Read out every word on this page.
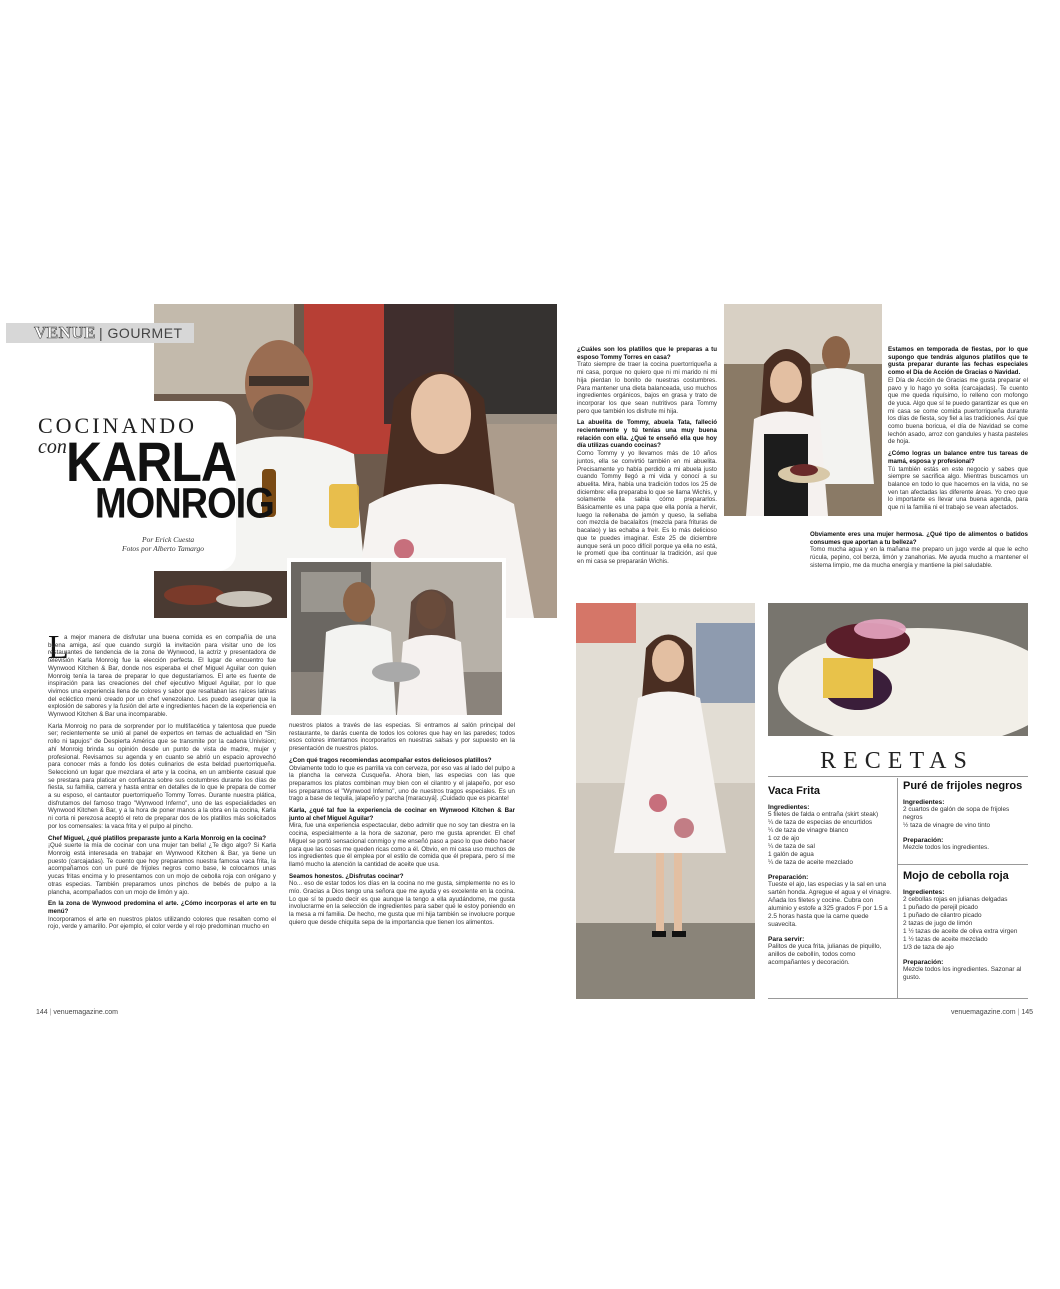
VENUE | GOURMET
COCINANDO
con KARLA
MONROIG
Por Erick Cuesta
Fotos por Alberto Tamargo
L

a mejor manera de disfrutar una buena comida es en compañía de una buena amiga, así que cuando surgió la invitación para visitar uno de los restaurantes de tendencia de la zona de Wynwood, la actriz y presentadora de televisión Karla Monroig fue la elección perfecta. El lugar de encuentro fue Wynwood Kitchen & Bar, donde nos esperaba el chef Miguel Aguilar con quien Monroig tenía la tarea de preparar lo que degustaríamos. El arte es fuente de inspiración para las creaciones del chef ejecutivo Miguel Aguilar, por lo que vivimos una experiencia llena de colores y sabor que resaltaban las raíces latinas del ecléctico menú creado por un chef venezolano. Les puedo asegurar que la explosión de sabores y la fusión del arte e ingredientes hacen de la experiencia en Wynwood Kitchen & Bar una incomparable.

Karla Monroig no para de sorprender por lo multifacética y talentosa que puede ser; recientemente se unió al panel de expertos en temas de actualidad en "Sin rollo ni tapujos" de Despierta América que se transmite por la cadena Univision; ahí Monroig brinda su opinión desde un punto de vista de madre, mujer y profesional. Revisamos su agenda y en cuanto se abrió un espacio aprovechó para conocer más a fondo los dotes culinarios de esta beldad puertorriqueña. Seleccionó un lugar que mezclara el arte y la cocina, en un ambiente casual que se prestara para platicar en confianza sobre sus costumbres durante los días de fiesta, su familia, carrera y hasta entrar en detalles de lo que le prepara de comer a su esposo, el cantautor puertorriqueño Tommy Torres. Durante nuestra plática, disfrutamos del famoso trago "Wynwood Inferno", uno de las especialidades en Wynwood Kitchen & Bar, y a la hora de poner manos a la obra en la cocina, Karla ni corta ni perezosa aceptó el reto de preparar dos de los platillos más solicitados por los comensales: la vaca frita y el pulpo al pincho.

Chef Miguel, ¿qué platillos preparaste junto a Karla Monroig en la cocina?
¡Qué suerte la mía de cocinar con una mujer tan bella! ¿Te digo algo? Si Karla Monroig está interesada en trabajar en Wynwood Kitchen & Bar, ya tiene un puesto (carcajadas). Te cuento que hoy preparamos nuestra famosa vaca frita, la acompañamos con un puré de frijoles negros como base, le colocamos unas yucas fritas encima y lo presentamos con un mojo de cebolla roja con orégano y otras especias. También preparamos unos pinchos de bebés de pulpo a la plancha, acompañados con un mojo de limón y ajo.

En la zona de Wynwood predomina el arte. ¿Cómo incorporas el arte en tu menú?
Incorporamos el arte en nuestros platos utilizando colores que resalten como el rojo, verde y amarillo. Por ejemplo, el color verde y el rojo predominan mucho en

nuestros platos a través de las especias. Si entramos al salón principal del restaurante, te darás cuenta de todos los colores que hay en las paredes; todos esos colores intentamos incorporarlos en nuestras salsas y por supuesto en la presentación de nuestros platos.

¿Con qué tragos recomiendas acompañar estos deliciosos platillos?
Obviamente todo lo que es parrilla va con cerveza, por eso vas al lado del pulpo a la plancha la cerveza Cusqueña. Ahora bien, las especias con las que preparamos los platos combinan muy bien con el cilantro y el jalapeño, por eso les preparamos el "Wynwood Inferno", uno de nuestros tragos especiales. Es un trago a base de tequila, jalapeño y parcha [maracuyá]. ¡Cuidado que es picante!

Karla, ¿qué tal fue la experiencia de cocinar en Wynwood Kitchen & Bar junto al chef Miguel Aguilar?
Mira, fue una experiencia espectacular, debo admitir que no soy tan diestra en la cocina, especialmente a la hora de sazonar, pero me gusta aprender. El chef Miguel se portó sensacional conmigo y me enseñó paso a paso lo que debo hacer para que las cosas me queden ricas como a él. Obvio, en mi casa uso muchos de los ingredientes que él emplea por el estilo de comida que él prepara, pero sí me llamó mucho la atención la cantidad de aceite que usa.

Seamos honestos. ¿Disfrutas cocinar?
No... eso de estar todos los días en la cocina no me gusta, simplemente no es lo mío. Gracias a Dios tengo una señora que me ayuda y es excelente en la cocina. Lo que sí te puedo decir es que aunque la tengo a ella ayudándome, me gusta involucrarme en la selección de ingredientes para saber qué le estoy poniendo en la mesa a mi familia. De hecho, me gusta que mi hija también se involucre porque quiero que desde chiquita sepa de la importancia que tienen los alimentos.

144 | venuemagazine.com

¿Cuáles son los platillos que le preparas a tu esposo Tommy Torres en casa?
Trato siempre de traer la cocina puertorriqueña a mi casa, porque no quiero que ni mi marido ni mi hija pierdan lo bonito de nuestras costumbres. Para mantener una dieta balanceada, uso muchos ingredientes orgánicos, bajos en grasa y trato de incorporar los que sean nutritivos para Tommy pero que también los disfrute mi hija.

La abuelita de Tommy, abuela Tata, falleció recientemente y tú tenías una muy buena relación con ella. ¿Qué te enseñó ella que hoy día utilizas cuando cocinas?
Como Tommy y yo llevamos más de 10 años juntos, ella se convirtió también en mi abuelita. Precisamente yo había perdido a mi abuela justo cuando Tommy llegó a mi vida y conocí a su abuelita. Mira, había una tradición todos los 25 de diciembre: ella preparaba lo que se llama Wichis, y solamente ella sabía cómo prepararlos. Básicamente es una papa que ella ponía a hervir, luego la rellenaba de jamón y queso, la sellaba con mezcla de bacalaítos (mezcla para frituras de bacalao) y las echaba a freír. Es lo más delicioso que te puedes imaginar. Este 25 de diciembre aunque será un poco difícil porque ya ella no está, le prometí que iba continuar la tradición, así que en mi casa se prepararán Wichis.

Estamos en temporada de fiestas, por lo que supongo que tendrás algunos platillos que te gusta preparar durante las fechas especiales como el Día de Acción de Gracias o Navidad.
El Día de Acción de Gracias me gusta preparar el pavo y lo hago yo solita (carcajadas). Te cuento que me queda riquísimo, lo relleno con mofongo de yuca. Algo que sí te puedo garantizar es que en mi casa se come comida puertorriqueña durante los días de fiesta, soy fiel a las tradiciones. Así que como buena boricua, el día de Navidad se come lechón asado, arroz con gandules y hasta pasteles de hoja.

¿Cómo logras un balance entre tus tareas de mamá, esposa y profesional?
Tú también estás en este negocio y sabes que siempre se sacrifica algo. Mientras buscamos un balance en todo lo que hacemos en la vida, no se ven tan afectadas las diferente áreas. Yo creo que lo importante es llevar una buena agenda, para que ni la familia ni el trabajo se vean afectados.

Obviamente eres una mujer hermosa. ¿Qué tipo de alimentos o batidos consumes que aportan a tu belleza?
Tomo mucha agua y en la mañana me preparo un jugo verde al que le echo rúcula, pepino, col berza, limón y zanahorias. Me ayuda mucho a mantener el sistema limpio, me da mucha energía y mantiene la piel saludable.

RECETAS
Vaca Frita
Ingredientes:
5 filetes de falda o entraña (skirt steak)
¼ de taza de especias de encurtidos
¼ de taza de vinagre blanco
1 oz de ajo
¼ de taza de sal
1 galón de agua
¼ de taza de aceite mezclado
Preparación:
Tueste el ajo, las especias y la sal en una sartén honda. Agregue el agua y el vinagre. Añada los filetes y cocine. Cubra con aluminio y estofe a 325 grados F por 1.5 a 2.5 horas hasta que la carne quede suavecita.
Para servir:
Palitos de yuca frita, julianas de piquillo, anillos de cebollín, todos como acompañantes y decoración.
Puré de frijoles negros
Ingredientes:
2 cuartos de galón de sopa de frijoles negros
½ taza de vinagre de vino tinto
Preparación:
Mezcle todos los ingredientes.
Mojo de cebolla roja
Ingredientes:
2 cebollas rojas en julianas delgadas
1 puñado de perejil picado
1 puñado de cilantro picado
2 tazas de jugo de limón
1 ½ tazas de aceite de oliva extra virgen
1 ½ tazas de aceite mezclado
1/3 de taza de ajo
Preparación:
Mezcle todos los ingredientes. Sazonar al gusto.
venuemagazine.com | 145
